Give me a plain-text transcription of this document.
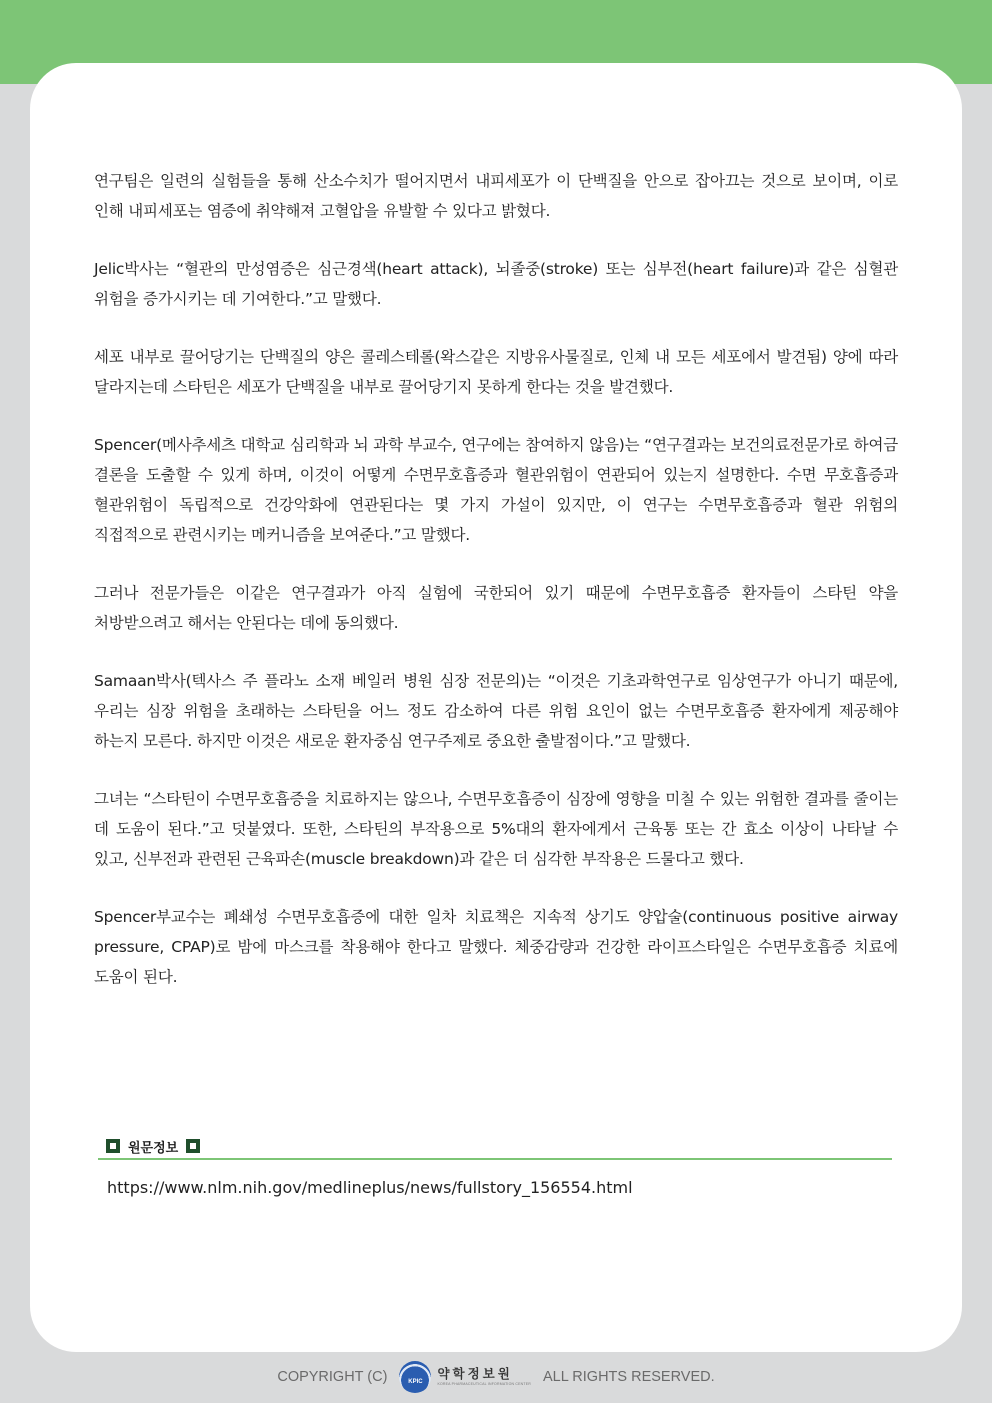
연구팀은 일련의 실험들을 통해 산소수치가 떨어지면서 내피세포가 이 단백질을 안으로 잡아끄는 것으로 보이며, 이로 인해 내피세포는 염증에 취약해져 고혈압을 유발할 수 있다고 밝혔다.

Jelic박사는 “혈관의 만성염증은 심근경색(heart attack), 뇌졸중(stroke) 또는 심부전(heart failure)과 같은 심혈관 위험을 증가시키는 데 기여한다.”고 말했다.

세포 내부로 끌어당기는 단백질의 양은 콜레스테롤(왁스같은 지방유사물질로, 인체 내 모든 세포에서 발견됨) 양에 따라 달라지는데 스타틴은 세포가 단백질을 내부로 끌어당기지 못하게 한다는 것을 발견했다.

Spencer(메사추세츠 대학교 심리학과 뇌 과학 부교수, 연구에는 참여하지 않음)는 “연구결과는 보건의료전문가로 하여금 결론을 도출할 수 있게 하며, 이것이 어떻게 수면무호흡증과 혈관위험이 연관되어 있는지 설명한다. 수면 무호흡증과 혈관위험이 독립적으로 건강악화에 연관된다는 몇 가지 가설이 있지만, 이 연구는 수면무호흡증과 혈관 위험의 직접적으로 관련시키는 메커니즘을 보여준다.”고 말했다.

그러나 전문가들은 이같은 연구결과가 아직 실험에 국한되어 있기 때문에 수면무호흡증 환자들이 스타틴 약을 처방받으려고 해서는 안된다는 데에 동의했다.

Samaan박사(텍사스 주 플라노 소재 베일러 병원 심장 전문의)는 “이것은 기초과학연구로 임상연구가 아니기 때문에, 우리는 심장 위험을 초래하는 스타틴을 어느 정도 감소하여 다른 위험 요인이 없는 수면무호흡증 환자에게 제공해야 하는지 모른다. 하지만 이것은 새로운 환자중심 연구주제로 중요한 출발점이다.”고 말했다.

그녀는 “스타틴이 수면무호흡증을 치료하지는 않으나, 수면무호흡증이 심장에 영향을 미칠 수 있는 위험한 결과를 줄이는 데 도움이 된다.”고 덧붙였다. 또한, 스타틴의 부작용으로 5%대의 환자에게서 근육통 또는 간 효소 이상이 나타날 수 있고, 신부전과 관련된 근육파손(muscle breakdown)과 같은 더 심각한 부작용은 드물다고 했다.

Spencer부교수는 폐쇄성 수면무호흡증에 대한 일차 치료책은 지속적 상기도 양압술(continuous positive airway pressure, CPAP)로 밤에 마스크를 착용해야 한다고 말했다. 체중감량과 건강한 라이프스타일은 수면무호흡증 치료에 도움이 된다.

원문정보
https://www.nlm.nih.gov/medlineplus/news/fullstory_156554.html
COPYRIGHT (C)	KPIC
약학정보원
KOREA PHARMACEUTICAL INFORMATION CENTER ALL RIGHTS RESERVED.
